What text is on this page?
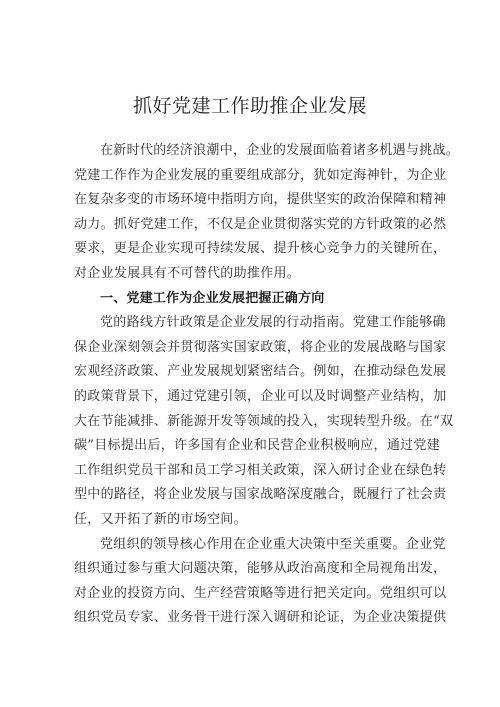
抓好党建工作助推企业发展
在新时代的经济浪潮中，企业的发展面临着诸多机遇与挑战。
党建工作作为企业发展的重要组成部分，犹如定海神针，为企业
在复杂多变的市场环境中指明方向，提供坚实的政治保障和精神
动力。抓好党建工作，不仅是企业贯彻落实党的方针政策的必然
要求，更是企业实现可持续发展、提升核心竞争力的关键所在，
对企业发展具有不可替代的助推作用。
一、党建工作为企业发展把握正确方向
党的路线方针政策是企业发展的行动指南。党建工作能够确
保企业深刻领会并贯彻落实国家政策，将企业的发展战略与国家
宏观经济政策、产业发展规划紧密结合。例如，在推动绿色发展
的政策背景下，通过党建引领，企业可以及时调整产业结构，加
大在节能减排、新能源开发等领域的投入，实现转型升级。在“双
碳”目标提出后，许多国有企业和民营企业积极响应，通过党建
工作组织党员干部和员工学习相关政策，深入研讨企业在绿色转
型中的路径，将企业发展与国家战略深度融合，既履行了社会责
任，又开拓了新的市场空间。
党组织的领导核心作用在企业重大决策中至关重要。企业党
组织通过参与重大问题决策，能够从政治高度和全局视角出发，
对企业的投资方向、生产经营策略等进行把关定向。党组织可以
组织党员专家、业务骨干进行深入调研和论证，为企业决策提供
